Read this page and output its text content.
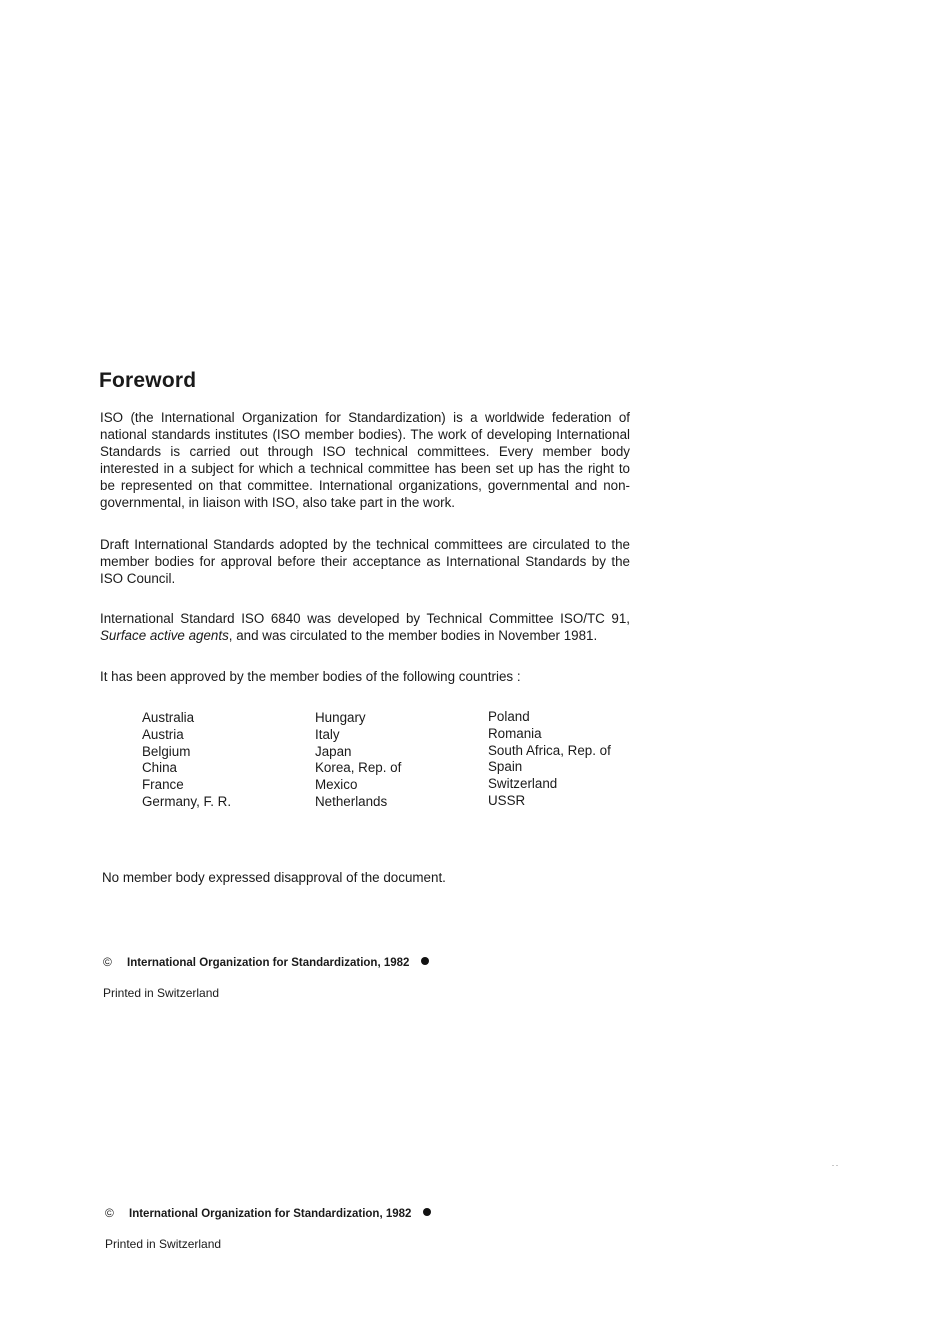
Foreword

ISO (the International Organization for Standardization) is a worldwide federation of national standards institutes (ISO member bodies). The work of developing International Standards is carried out through ISO technical committees. Every member body interested in a subject for which a technical committee has been set up has the right to be represented on that committee. International organizations, governmental and non-governmental, in liaison with ISO, also take part in the work.

Draft International Standards adopted by the technical committees are circulated to the member bodies for approval before their acceptance as International Standards by the ISO Council.

International Standard ISO 6840 was developed by Technical Committee ISO/TC 91, Surface active agents, and was circulated to the member bodies in November 1981.

It has been approved by the member bodies of the following countries :

Australia
Austria
Belgium
China
France
Germany, F. R.
Hungary
Italy
Japan
Korea, Rep. of
Mexico
Netherlands
Poland
Romania
South Africa, Rep. of
Spain
Switzerland
USSR

No member body expressed disapproval of the document.

© International Organization for Standardization, 1982
Printed in Switzerland
© International Organization for Standardization, 1982
Printed in Switzerland
